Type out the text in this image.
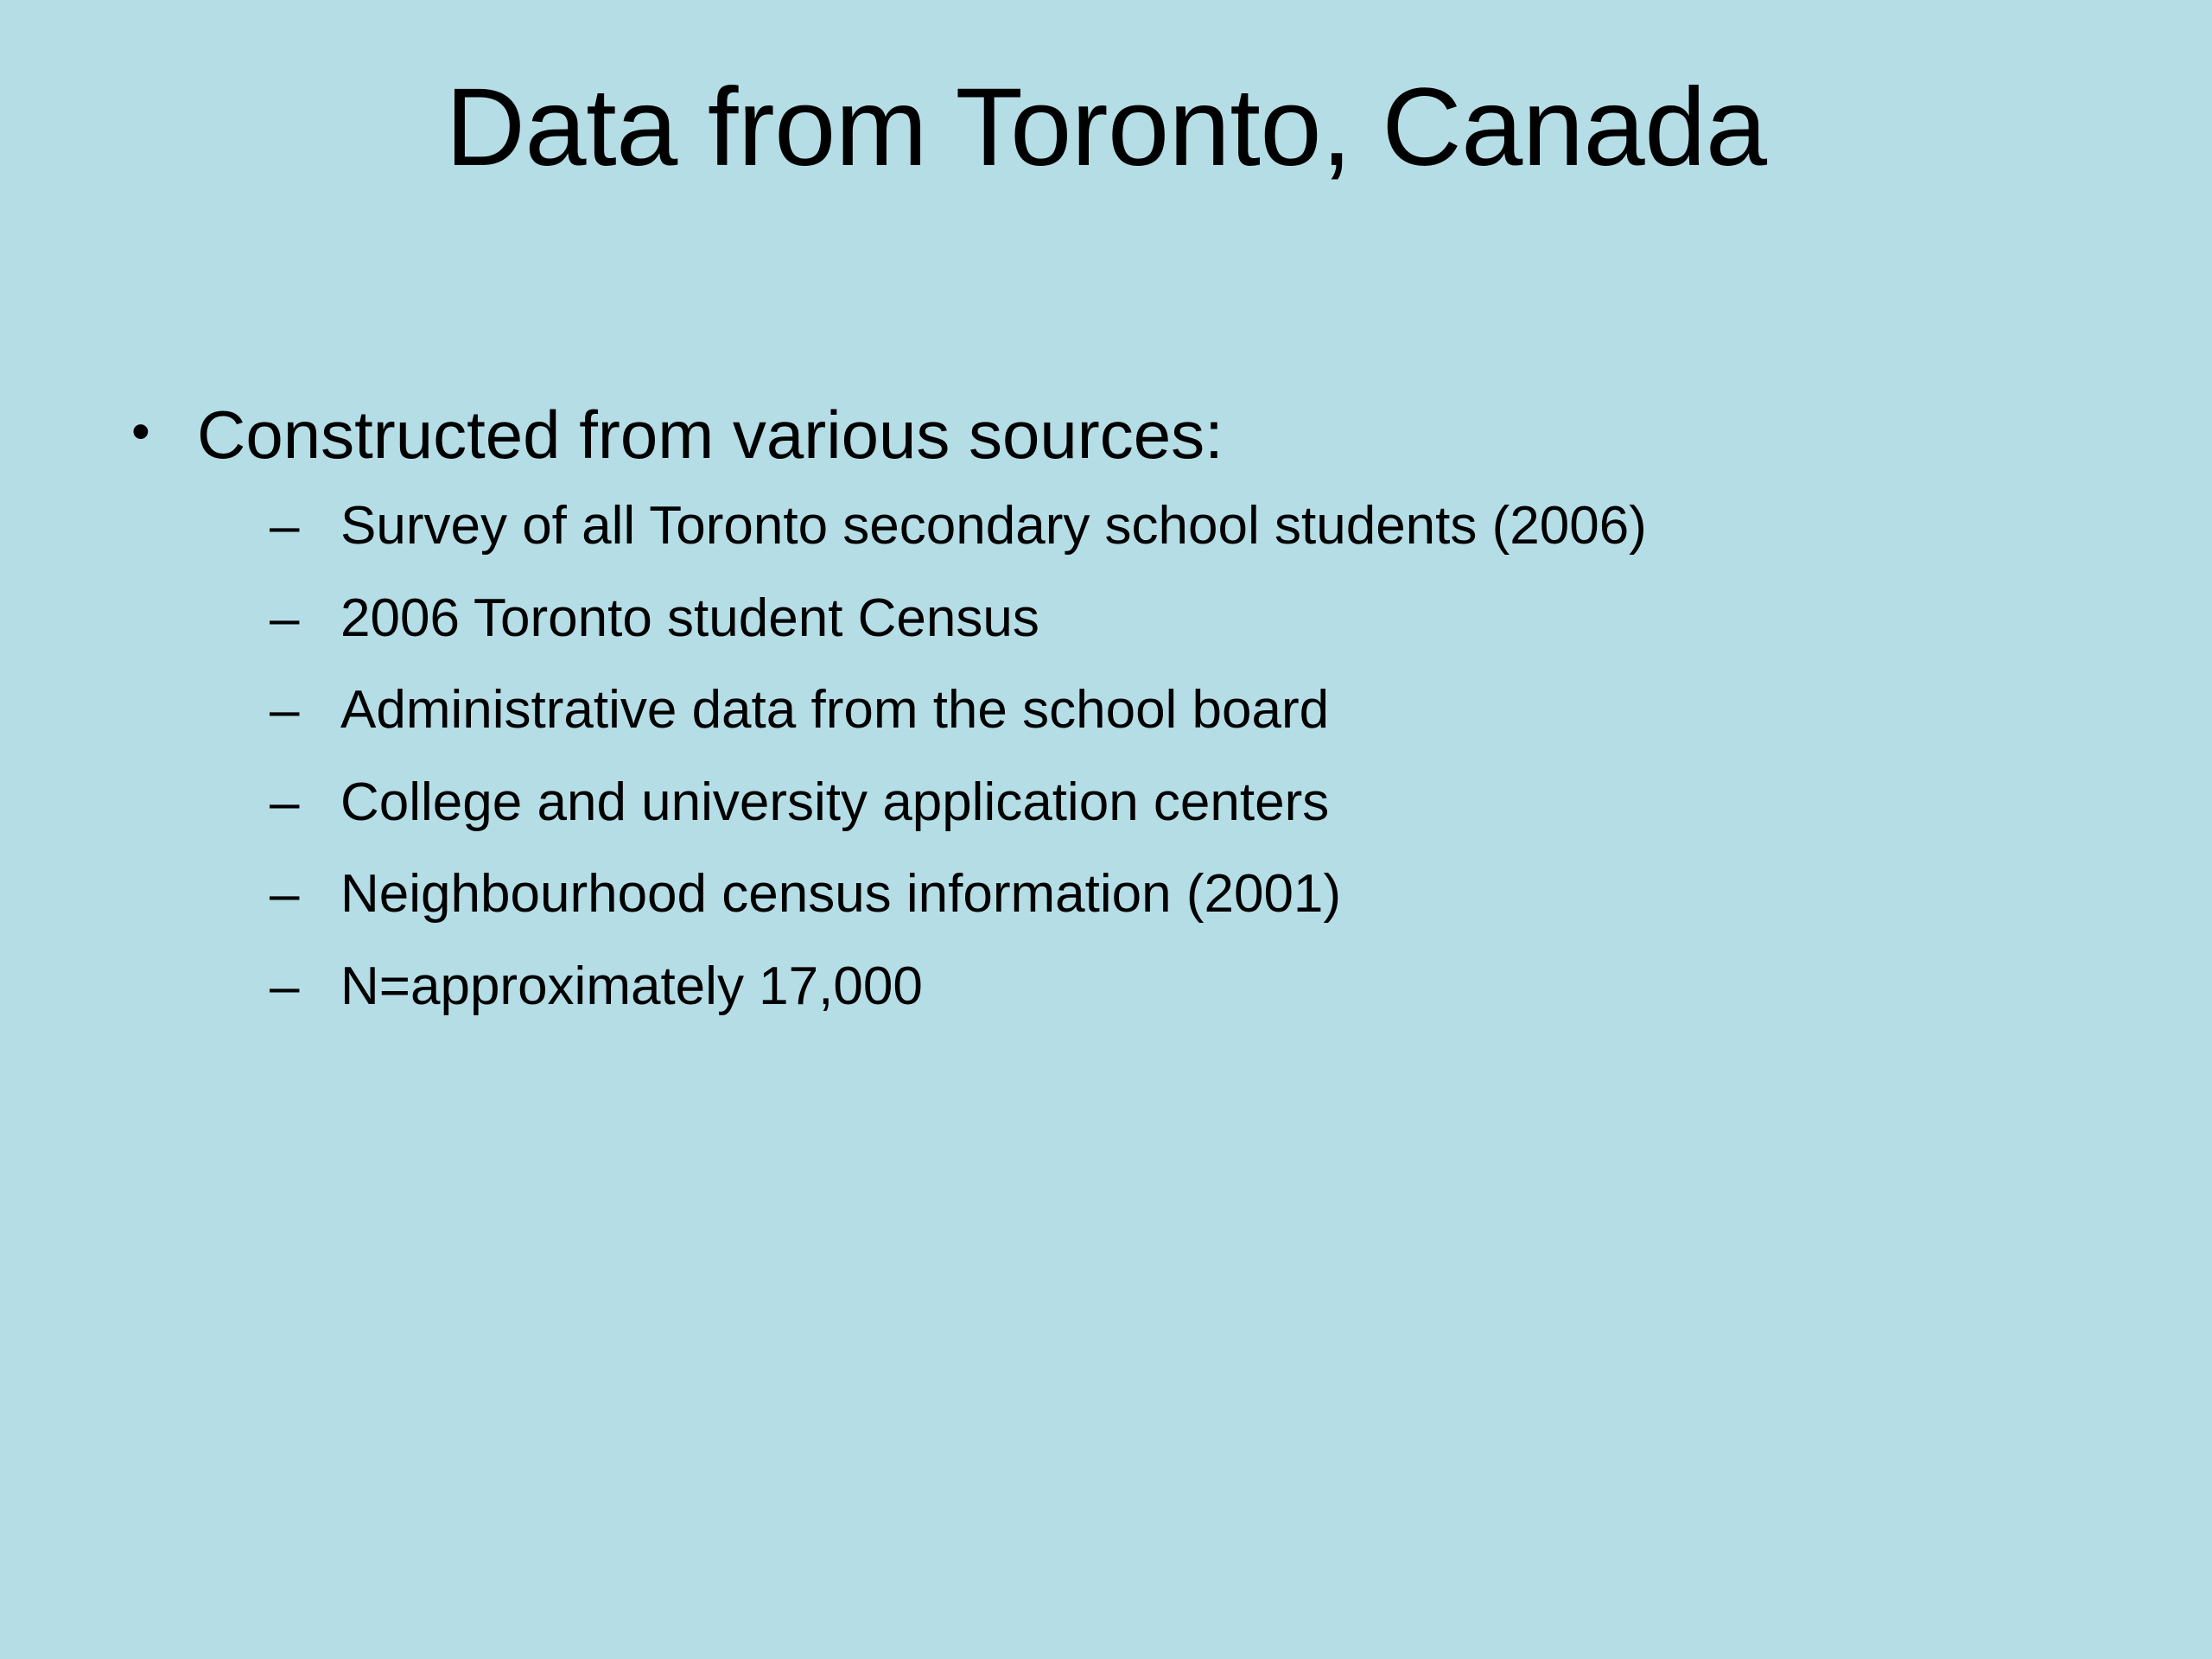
Data from Toronto, Canada
• Constructed from various sources:
– Survey of all Toronto secondary school students (2006)
– 2006 Toronto student Census
– Administrative data from the school board
– College and university application centers
– Neighbourhood census information (2001)
– N=approximately 17,000
